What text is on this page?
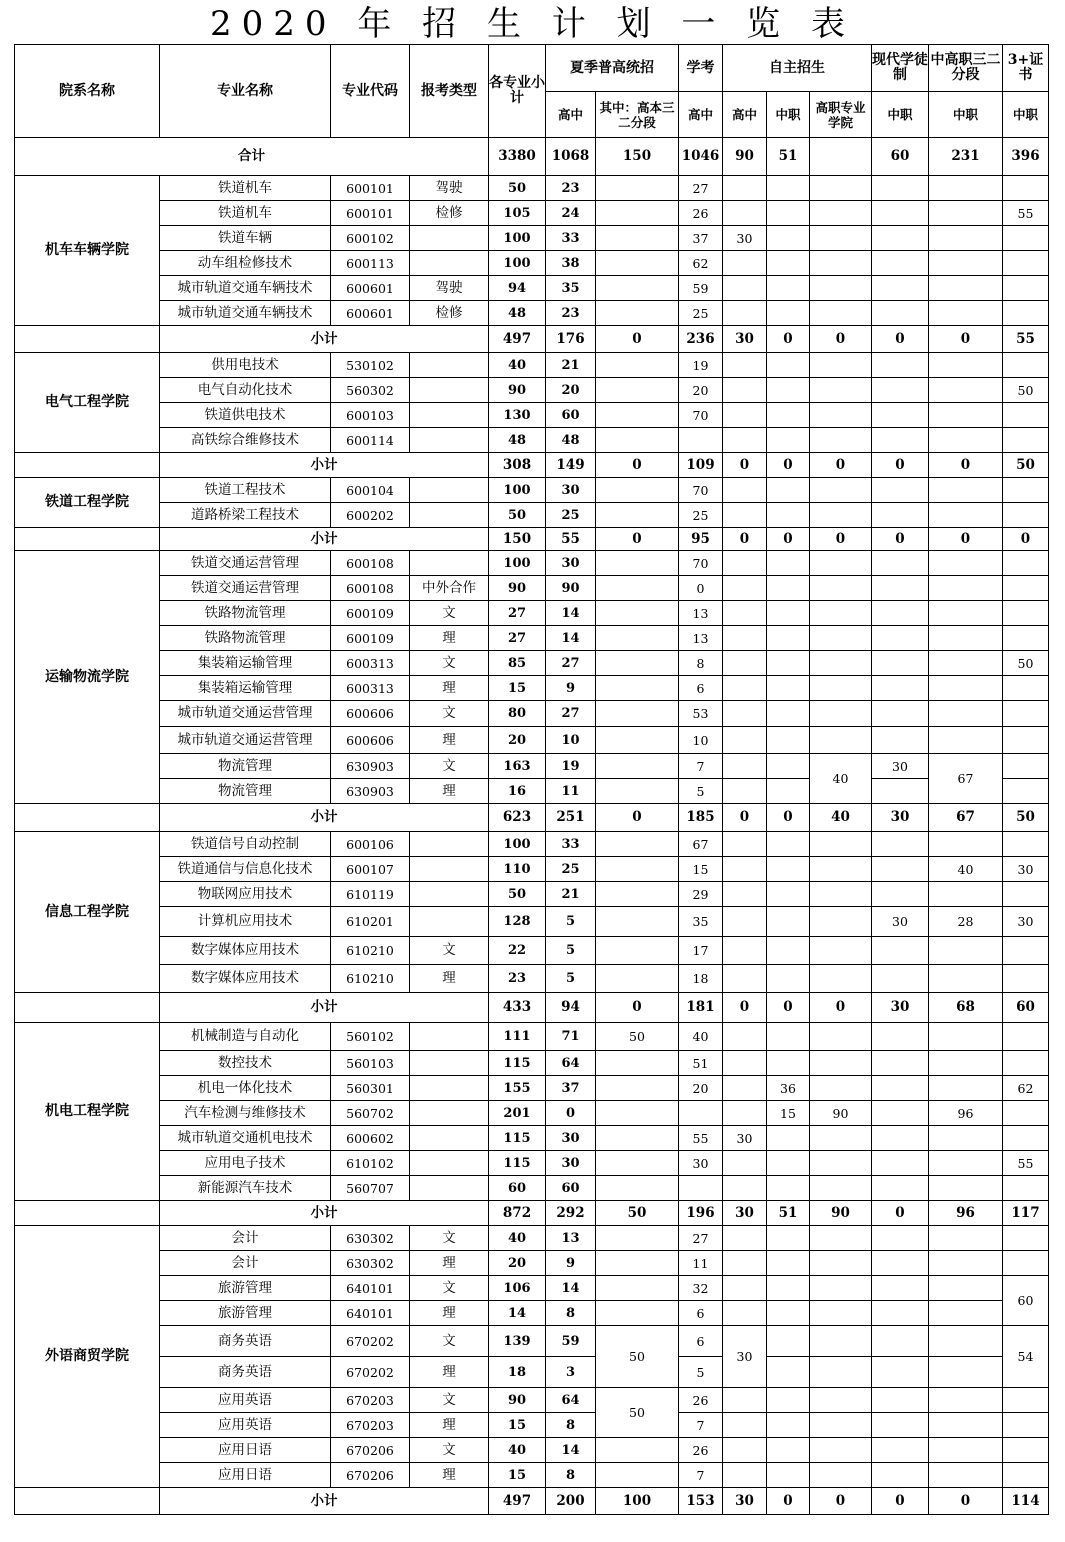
2020 年 招 生 计 划 一 览 表
院系名称	专业名称	专业代码	报考类型	各专业小计	夏季普高统招		学考	自主招生			现代学徒制	中高职三二分段	3+证书
					高中	其中：高本三二分段	高中	高中	中职	高职专业学院	中职	中职	中职
合计				3380	1068	150	1046	90	51		60	231	396
机车车辆学院	铁道机车	600101	驾驶	50	23		27						
	铁道机车	600101	检修	105	24		26						55
	铁道车辆	600102		100	33		37	30					
	动车组检修技术	600113		100	38		62						
	城市轨道交通车辆技术	600601	驾驶	94	35		59						
	城市轨道交通车辆技术	600601	检修	48	23		25						
	小计			497	176	0	236	30	0	0	0	0	55
电气工程学院	供用电技术	530102		40	21		19						
	电气自动化技术	560302		90	20		20						50
	铁道供电技术	600103		130	60		70						
	高铁综合维修技术	600114		48	48								
	小计			308	149	0	109	0	0	0	0	0	50
铁道工程学院	铁道工程技术	600104		100	30		70						
	道路桥梁工程技术	600202		50	25		25						
	小计			150	55	0	95	0	0	0	0	0	0
运输物流学院	铁道交通运营管理	600108		100	30		70						
	铁道交通运营管理	600108	中外合作	90	90		0						
	铁路物流管理	600109	文	27	14		13						
	铁路物流管理	600109	理	27	14		13						
	集装箱运输管理	600313	文	85	27		8						50
	集装箱运输管理	600313	理	15	9		6						
	城市轨道交通运营管理	600606	文	80	27		53						
	城市轨道交通运营管理	600606	理	20	10		10						
	物流管理	630903	文	163	19		7			40	30	67	
	物流管理	630903	理	16	11		5						
	小计			623	251	0	185	0	0	40	30	67	50
信息工程学院	铁道信号自动控制	600106		100	33		67						
	铁道通信与信息化技术	600107		110	25		15					40	30
	物联网应用技术	610119		50	21		29						
	计算机应用技术	610201		128	5		35				30	28	30
	数字媒体应用技术	610210	文	22	5		17						
	数字媒体应用技术	610210	理	23	5		18						
	小计			433	94	0	181	0	0	0	30	68	60
机电工程学院	机械制造与自动化	560102		111	71	50	40						
	数控技术	560103		115	64		51						
	机电一体化技术	560301		155	37		20		36				62
	汽车检测与维修技术	560702		201	0				15	90		96	
	城市轨道交通机电技术	600602		115	30		55	30					
	应用电子技术	610102		115	30		30						55
	新能源汽车技术	560707		60	60								
	小计			872	292	50	196	30	51	90	0	96	117
外语商贸学院	会计	630302	文	40	13		27						
	会计	630302	理	20	9		11						
	旅游管理	640101	文	106	14		32						60
	旅游管理	640101	理	14	8		6						
	商务英语	670202	文	139	59	50	6	30					54
	商务英语	670202	理	18	3		5						
	应用英语	670203	文	90	64	50	26						
	应用英语	670203	理	15	8		7						
	应用日语	670206	文	40	14		26						
	应用日语	670206	理	15	8		7						
	小计			497	200	100	153	30	0	0	0	0	114
